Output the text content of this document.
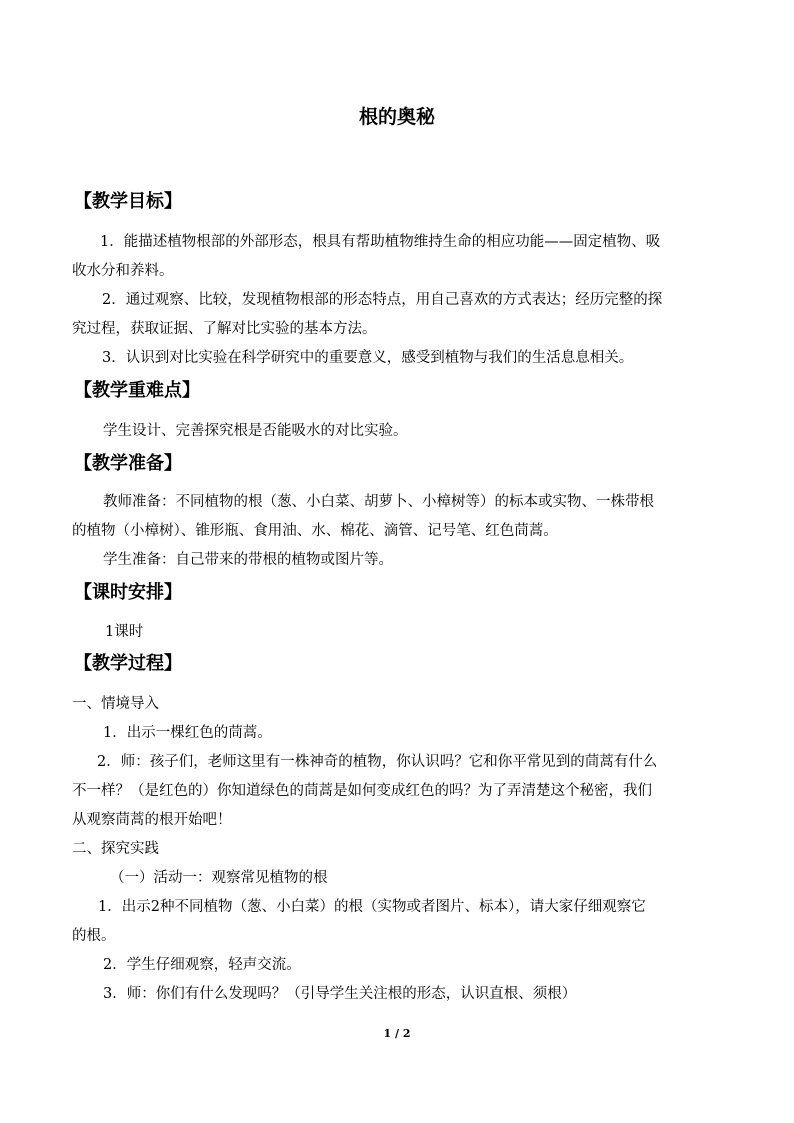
根的奥秘
【教学目标】
1．能描述植物根部的外部形态，根具有帮助植物维持生命的相应功能——固定植物、吸
收水分和养料。
2．通过观察、比较，发现植物根部的形态特点，用自己喜欢的方式表达；经历完整的探
究过程，获取证据、了解对比实验的基本方法。
3．认识到对比实验在科学研究中的重要意义，感受到植物与我们的生活息息相关。
【教学重难点】
学生设计、完善探究根是否能吸水的对比实验。
【教学准备】
教师准备：不同植物的根（葱、小白菜、胡萝卜、小樟树等）的标本或实物、一株带根
的植物（小樟树）、锥形瓶、食用油、水、棉花、滴管、记号笔、红色茼蒿。
学生准备：自己带来的带根的植物或图片等。
【课时安排】
1课时
【教学过程】
一、情境导入
1．出示一棵红色的茼蒿。
2．师：孩子们，老师这里有一株神奇的植物，你认识吗？它和你平常见到的茼蒿有什么
不一样？（是红色的）你知道绿色的茼蒿是如何变成红色的吗？为了弄清楚这个秘密，我们
从观察茼蒿的根开始吧！
二、探究实践
（一）活动一：观察常见植物的根
1．出示2种不同植物（葱、小白菜）的根（实物或者图片、标本），请大家仔细观察它
的根。
2．学生仔细观察，轻声交流。
3．师：你们有什么发现吗？（引导学生关注根的形态，认识直根、须根）
1 / 2
